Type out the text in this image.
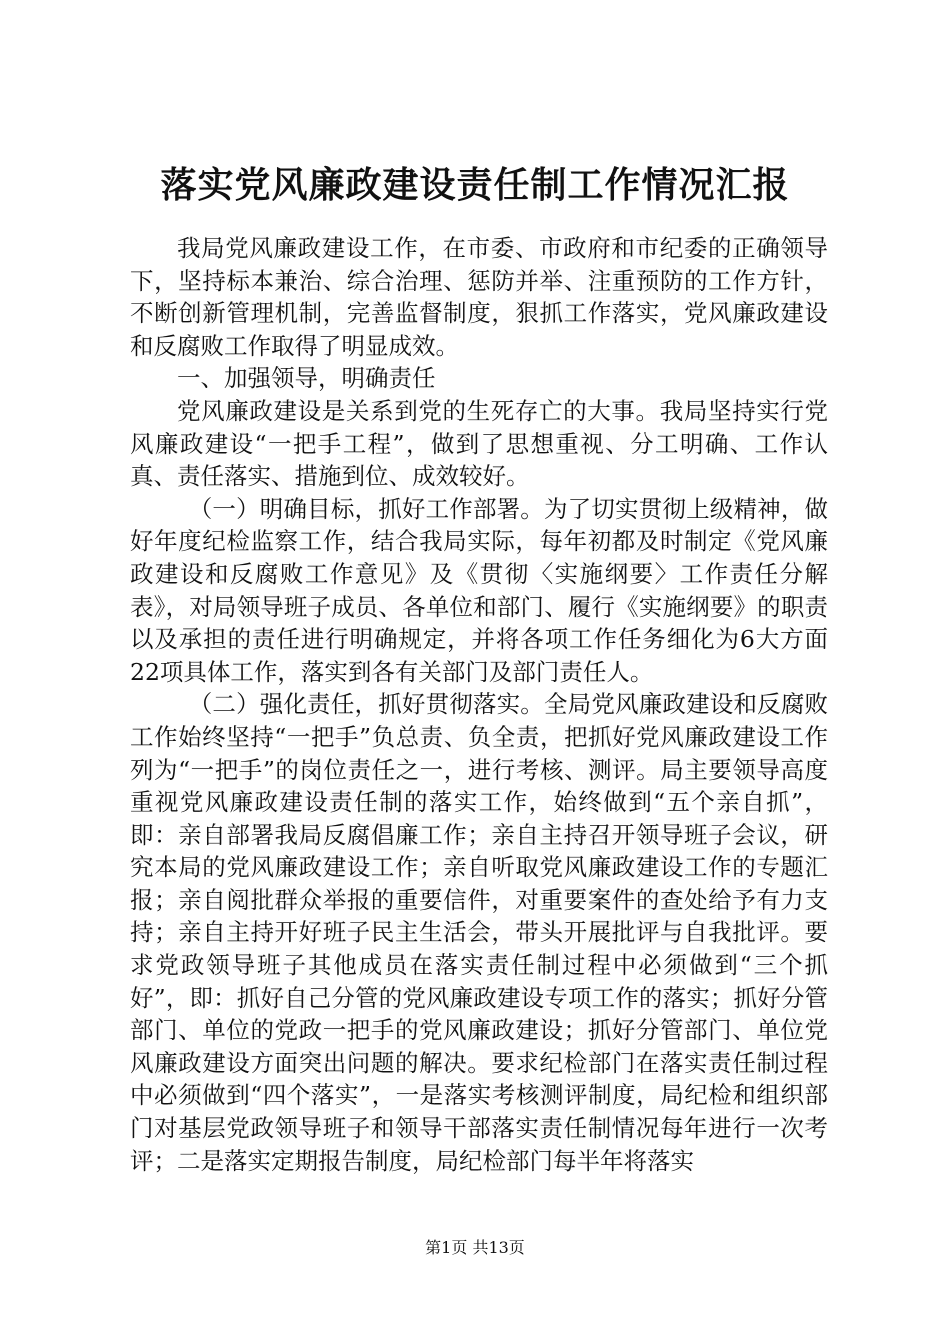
落实党风廉政建设责任制工作情况汇报

我局党风廉政建设工作，在市委、市政府和市纪委的正确领导下，坚持标本兼治、综合治理、惩防并举、注重预防的工作方针，不断创新管理机制，完善监督制度，狠抓工作落实，党风廉政建设和反腐败工作取得了明显成效。

一、加强领导，明确责任

党风廉政建设是关系到党的生死存亡的大事。我局坚持实行党风廉政建设“一把手工程”，做到了思想重视、分工明确、工作认真、责任落实、措施到位、成效较好。

（一）明确目标，抓好工作部署。为了切实贯彻上级精神，做好年度纪检监察工作，结合我局实际，每年初都及时制定《党风廉政建设和反腐败工作意见》及《贯彻〈实施纲要〉工作责任分解表》，对局领导班子成员、各单位和部门、履行《实施纲要》的职责以及承担的责任进行明确规定，并将各项工作任务细化为6大方面22项具体工作，落实到各有关部门及部门责任人。

（二）强化责任，抓好贯彻落实。全局党风廉政建设和反腐败工作始终坚持“一把手”负总责、负全责，把抓好党风廉政建设工作列为“一把手”的岗位责任之一，进行考核、测评。局主要领导高度重视党风廉政建设责任制的落实工作，始终做到“五个亲自抓”，即：亲自部署我局反腐倡廉工作；亲自主持召开领导班子会议，研究本局的党风廉政建设工作；亲自听取党风廉政建设工作的专题汇报；亲自阅批群众举报的重要信件，对重要案件的查处给予有力支持；亲自主持开好班子民主生活会，带头开展批评与自我批评。要求党政领导班子其他成员在落实责任制过程中必须做到“三个抓好”，即：抓好自己分管的党风廉政建设专项工作的落实；抓好分管部门、单位的党政一把手的党风廉政建设；抓好分管部门、单位党风廉政建设方面突出问题的解决。要求纪检部门在落实责任制过程中必须做到“四个落实”，一是落实考核测评制度，局纪检和组织部门对基层党政领导班子和领导干部落实责任制情况每年进行一次考评；二是落实定期报告制度，局纪检部门每半年将落实

第1页 共13页
